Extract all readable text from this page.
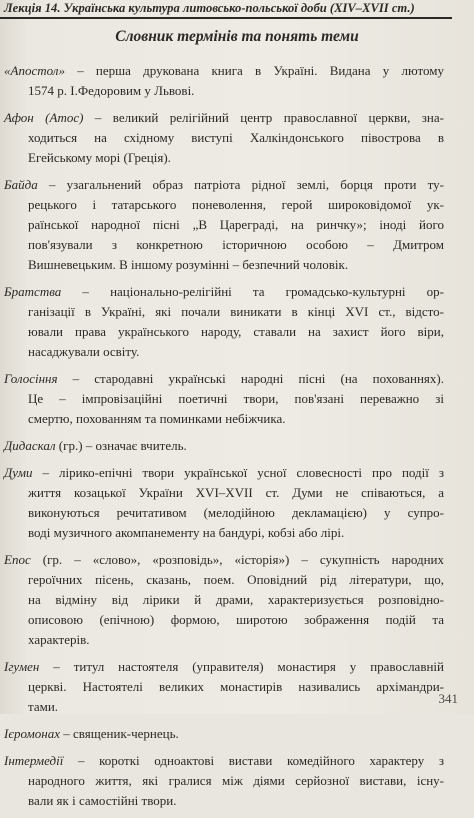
Лекція 14. Українська культура литовсько-польської доби (XIV–XVII ст.)
Словник термінів та понять теми
«Апостол» – перша друкована книга в Україні. Видана у лютому
1574 р. І.Федоровим у Львові.
Афон (Атос) – великий релігійний центр православної церкви, зна-
ходиться на східному виступі Халкіндонського півострова в
Егейському морі (Греція).
Байда – узагальнений образ патріота рідної землі, борця проти ту-
рецького і татарського поневолення, герой широковідомої ук-
раїнської народної пісні „В Цареграді, на ринчку»; іноді його
пов'язували з конкретною історичною особою – Дмитром
Вишневецьким. В іншому розумінні – безпечний чоловік.
Братства – національно-релігійні та громадсько-культурні ор-
ганізації в Україні, які почали виникати в кінці XVI ст., відсто-
ювали права українського народу, ставали на захист його віри,
насаджували освіту.
Голосіння – стародавні українські народні пісні (на похованнях).
Це – імпровізаційні поетичні твори, пов'язані переважно зі
смертю, похованням та поминками небіжчика.
Дидаскал (гр.) – означає вчитель.
Думи – лірико-епічні твори української усної словесності про події з
життя козацької України XVI–XVII ст. Думи не співаються, а
виконуються речитативом (мелодійною декламацією) у супро-
воді музичного акомпанементу на бандурі, кобзі або лірі.
Епос (гр. – «слово», «розповідь», «історія») – сукупність народних
героїчних пісень, сказань, поем. Оповідний рід літератури, що,
на відміну від лірики й драми, характеризується розповідно-
описовою (епічною) формою, широтою зображення подій та
характерів.
Ігумен – титул настоятеля (управителя) монастиря у православній
церкві. Настоятелі великих монастирів називались архімандри-
тами.
Ієромонах – священик-чернець.
Інтермедії – короткі одноактові вистави комедійного характеру з
народного життя, які гралися між діями серйозної вистави, існу-
вали як і самостійні твори.
341
